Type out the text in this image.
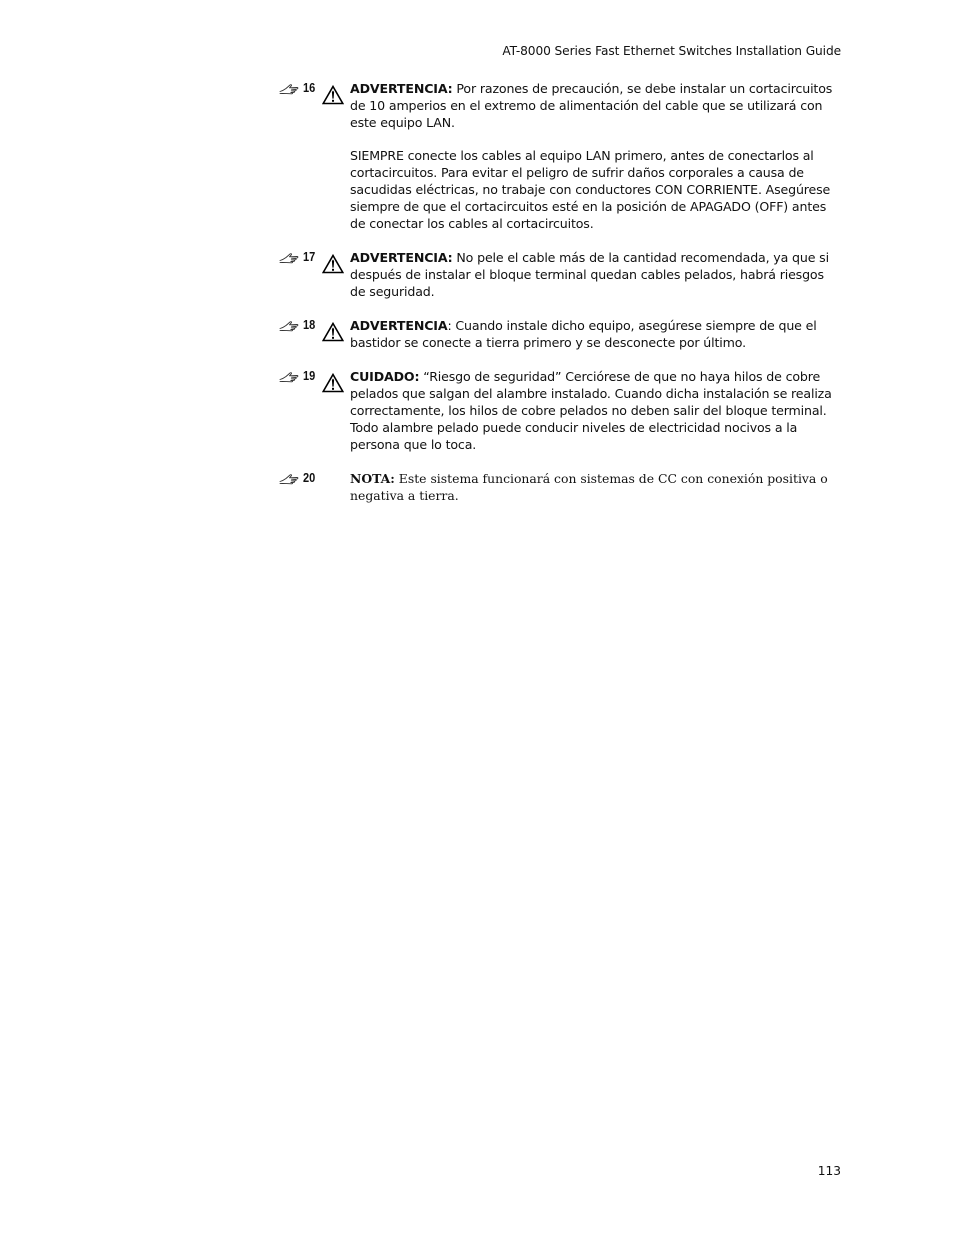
AT-8000 Series Fast Ethernet Switches Installation Guide
16	ADVERTENCIA: Por razones de precaución, se debe instalar un cortacircuitos de 10 amperios en el extremo de alimentación del cable que se utilizará con este equipo LAN.

SIEMPRE conecte los cables al equipo LAN primero, antes de conectarlos al cortacircuitos. Para evitar el peligro de sufrir daños corporales a causa de sacudidas eléctricas, no trabaje con conductores CON CORRIENTE. Asegúrese siempre de que el cortacircuitos esté en la posición de APAGADO (OFF) antes de conectar los cables al cortacircuitos.

17	ADVERTENCIA: No pele el cable más de la cantidad recomendada, ya que si después de instalar el bloque terminal quedan cables pelados, habrá riesgos de seguridad.

18	ADVERTENCIA: Cuando instale dicho equipo, asegúrese siempre de que el bastidor se conecte a tierra primero y se desconecte por último.

19	CUIDADO: “Riesgo de seguridad” Cerciórese de que no haya hilos de cobre pelados que salgan del alambre instalado. Cuando dicha instalación se realiza correctamente, los hilos de cobre pelados no deben salir del bloque terminal. Todo alambre pelado puede conducir niveles de electricidad nocivos a la persona que lo toca.

20	NOTA: Este sistema funcionará con sistemas de CC con conexión positiva o negativa a tierra.

113
